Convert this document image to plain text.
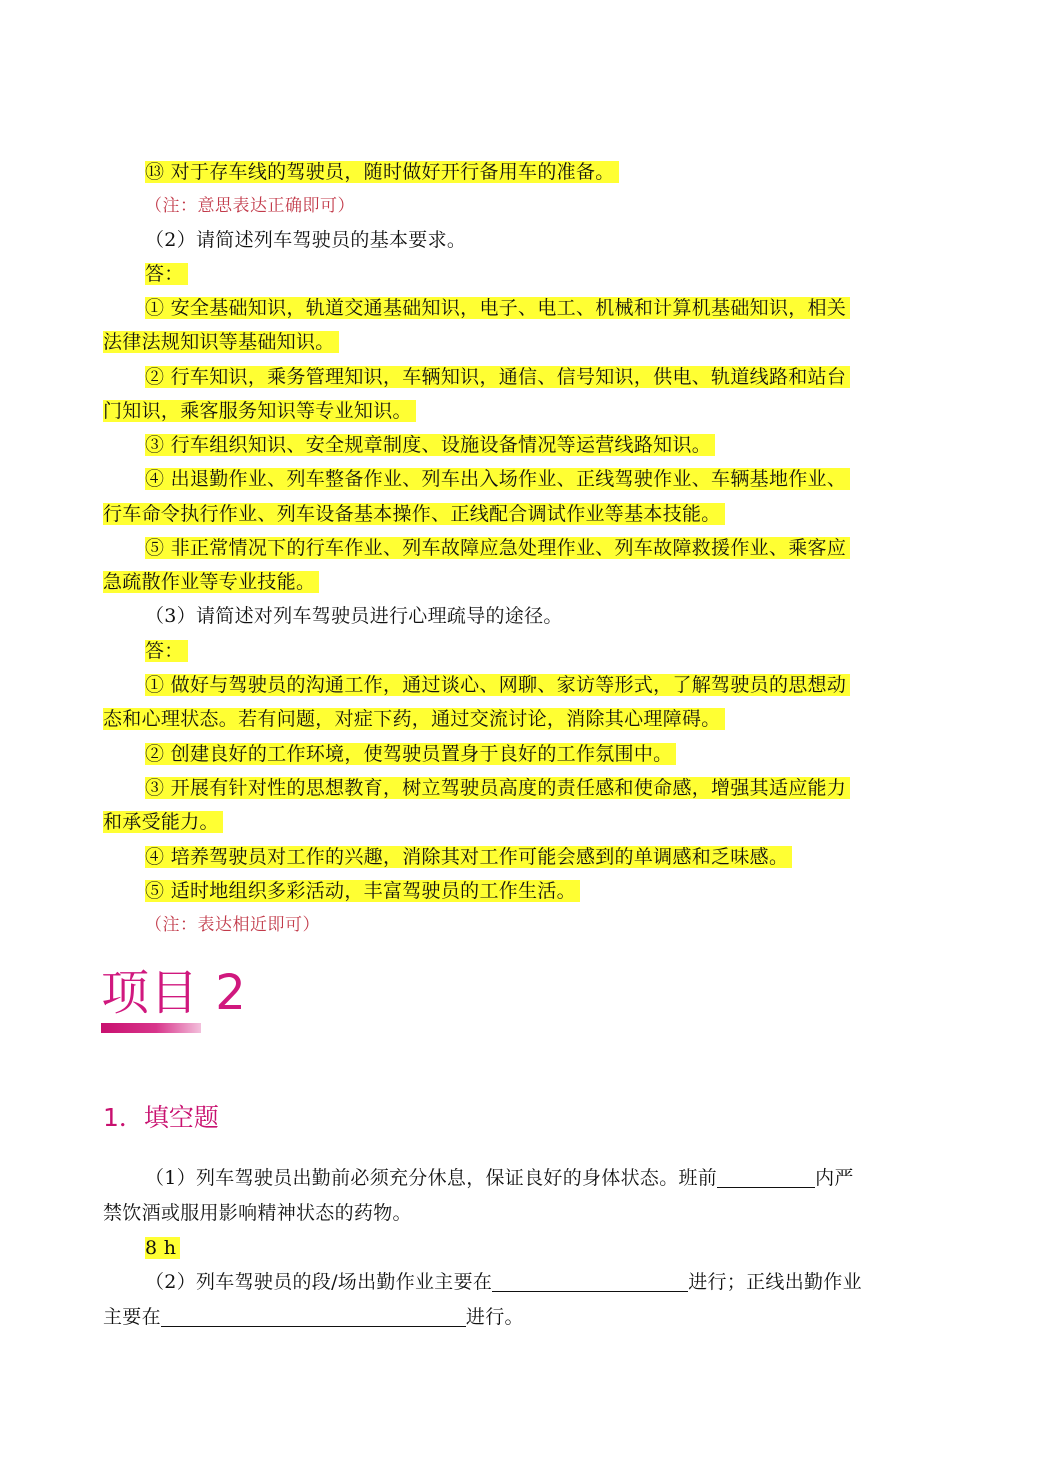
⑬ 对于存车线的驾驶员，随时做好开行备用车的准备。
（注：意思表达正确即可）
（2）请简述列车驾驶员的基本要求。
答：
① 安全基础知识，轨道交通基础知识，电子、电工、机械和计算机基础知识，相关
法律法规知识等基础知识。
② 行车知识，乘务管理知识，车辆知识，通信、信号知识，供电、轨道线路和站台
门知识，乘客服务知识等专业知识。
③ 行车组织知识、安全规章制度、设施设备情况等运营线路知识。
④ 出退勤作业、列车整备作业、列车出入场作业、正线驾驶作业、车辆基地作业、
行车命令执行作业、列车设备基本操作、正线配合调试作业等基本技能。
⑤ 非正常情况下的行车作业、列车故障应急处理作业、列车故障救援作业、乘客应
急疏散作业等专业技能。
（3）请简述对列车驾驶员进行心理疏导的途径。
答：
① 做好与驾驶员的沟通工作，通过谈心、网聊、家访等形式，了解驾驶员的思想动
态和心理状态。若有问题，对症下药，通过交流讨论，消除其心理障碍。
② 创建良好的工作环境，使驾驶员置身于良好的工作氛围中。
③ 开展有针对性的思想教育，树立驾驶员高度的责任感和使命感，增强其适应能力
和承受能力。
④ 培养驾驶员对工作的兴趣，消除其对工作可能会感到的单调感和乏味感。
⑤ 适时地组织多彩活动，丰富驾驶员的工作生活。
（注：表达相近即可）
项目 2
1．填空题
（1）列车驾驶员出勤前必须充分休息，保证良好的身体状态。班前	内严
禁饮酒或服用影响精神状态的药物。
8 h
（2）列车驾驶员的段/场出勤作业主要在	进行；正线出勤作业
主要在	进行。
